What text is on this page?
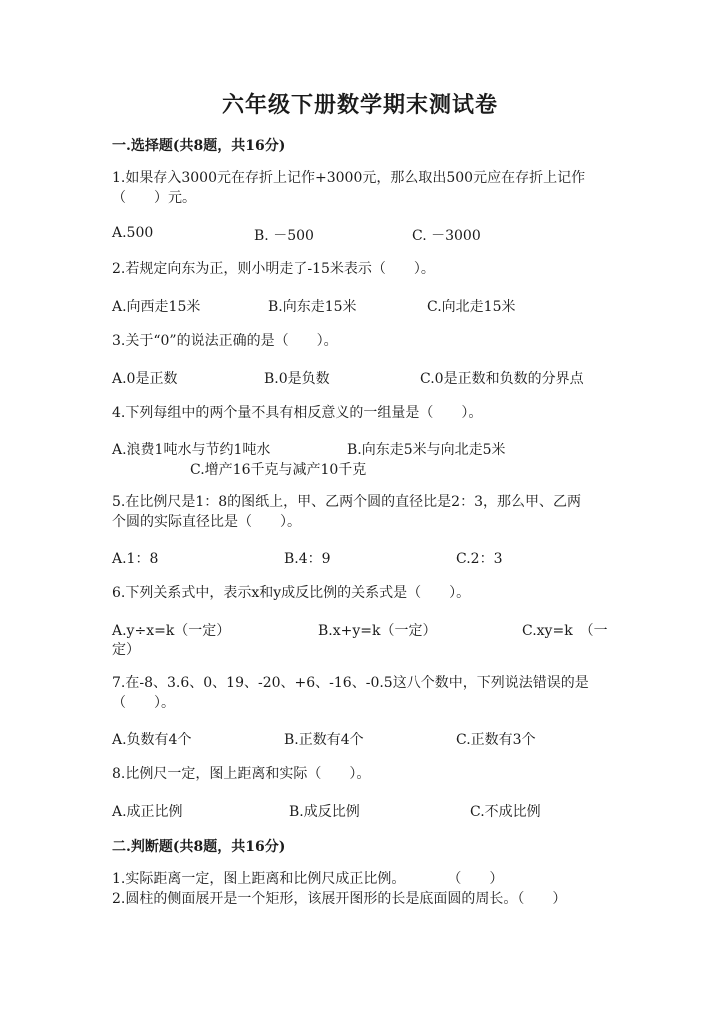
六年级下册数学期末测试卷
一.选择题(共8题，共16分)
1.如果存入3000元在存折上记作+3000元，那么取出500元应在存折上记作
（　　）元。
A.500	B. －500	C. －3000
2.若规定向东为正，则小明走了-15米表示（　　）。
A.向西走15米	B.向东走15米	C.向北走15米
3.关于“0”的说法正确的是（　　）。
A.0是正数	B.0是负数	C.0是正数和负数的分界点
4.下列每组中的两个量不具有相反意义的一组量是（　　）。
A.浪费1吨水与节约1吨水	B.向东走5米与向北走5米
C.增产16千克与减产10千克
5.在比例尺是1：8的图纸上，甲、乙两个圆的直径比是2：3，那么甲、乙两
个圆的实际直径比是（　　）。
A.1：8	B.4：9	C.2：3
6.下列关系式中，表示x和y成反比例的关系式是（　　）。
A.y÷x=k（一定）	B.x+y=k（一定）	C.xy=k　（一
定）
7.在-8、3.6、0、19、-20、+6、-16、-0.5这八个数中，下列说法错误的是
（　　）。
A.负数有4个	B.正数有4个	C.正数有3个
8.比例尺一定，图上距离和实际（　　）。
A.成正比例	B.成反比例	C.不成比例
二.判断题(共8题，共16分)
1.实际距离一定，图上距离和比例尺成正比例。　　　　（　　）
2.圆柱的侧面展开是一个矩形，该展开图形的长是底面圆的周长。（　　）
